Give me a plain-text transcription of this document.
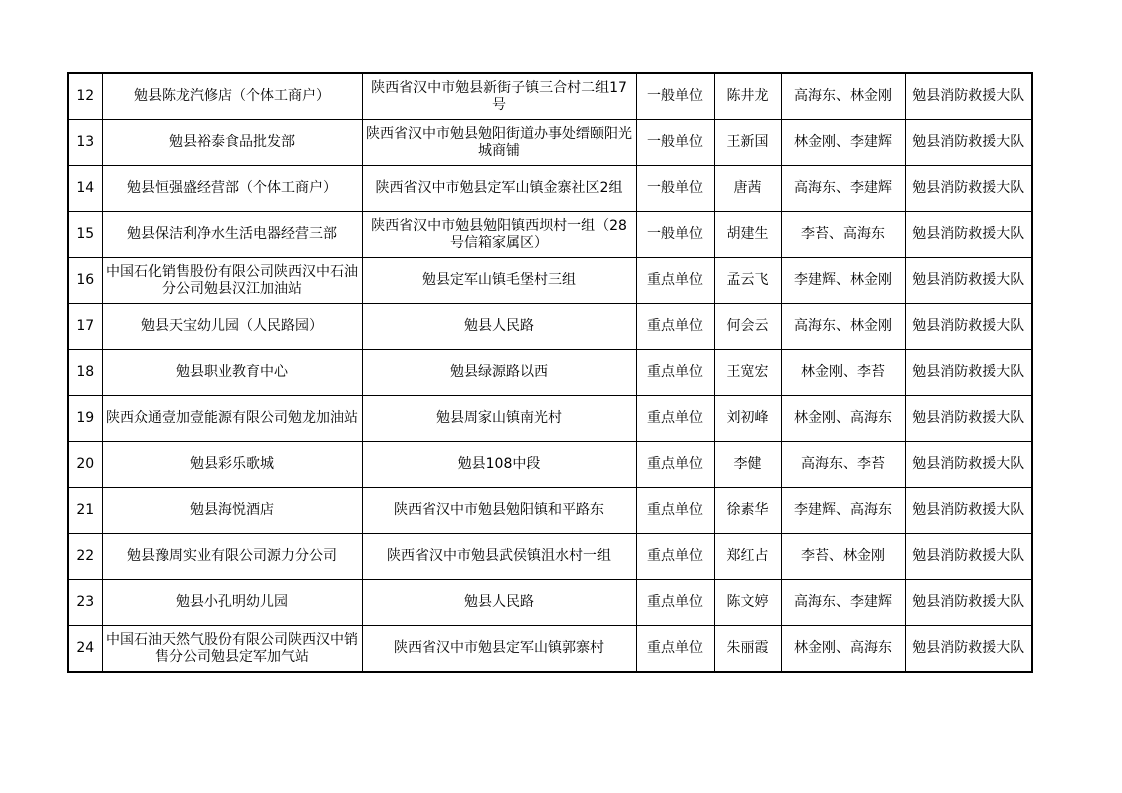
12	勉县陈龙汽修店（个体工商户）	陕西省汉中市勉县新街子镇三合村二组17号	一般单位	陈井龙	高海东、林金刚	勉县消防救援大队
13	勉县裕泰食品批发部	陕西省汉中市勉县勉阳街道办事处缙颐阳光城商铺	一般单位	王新国	林金刚、李建辉	勉县消防救援大队
14	勉县恒强盛经营部（个体工商户）	陕西省汉中市勉县定军山镇金寨社区2组	一般单位	唐茜	高海东、李建辉	勉县消防救援大队
15	勉县保洁利净水生活电器经营三部	陕西省汉中市勉县勉阳镇西坝村一组（28号信箱家属区）	一般单位	胡建生	李苔、高海东	勉县消防救援大队
16	中国石化销售股份有限公司陕西汉中石油分公司勉县汉江加油站	勉县定军山镇毛堡村三组	重点单位	孟云飞	李建辉、林金刚	勉县消防救援大队
17	勉县天宝幼儿园（人民路园）	勉县人民路	重点单位	何会云	高海东、林金刚	勉县消防救援大队
18	勉县职业教育中心	勉县绿源路以西	重点单位	王宽宏	林金刚、李苔	勉县消防救援大队
19	陕西众通壹加壹能源有限公司勉龙加油站	勉县周家山镇南光村	重点单位	刘初峰	林金刚、高海东	勉县消防救援大队
20	勉县彩乐歌城	勉县108中段	重点单位	李健	高海东、李苔	勉县消防救援大队
21	勉县海悦酒店	陕西省汉中市勉县勉阳镇和平路东	重点单位	徐素华	李建辉、高海东	勉县消防救援大队
22	勉县豫周实业有限公司源力分公司	陕西省汉中市勉县武侯镇沮水村一组	重点单位	郑红占	李苔、林金刚	勉县消防救援大队
23	勉县小孔明幼儿园	勉县人民路	重点单位	陈文婷	高海东、李建辉	勉县消防救援大队
24	中国石油天然气股份有限公司陕西汉中销售分公司勉县定军加气站	陕西省汉中市勉县定军山镇郭寨村	重点单位	朱丽霞	林金刚、高海东	勉县消防救援大队
